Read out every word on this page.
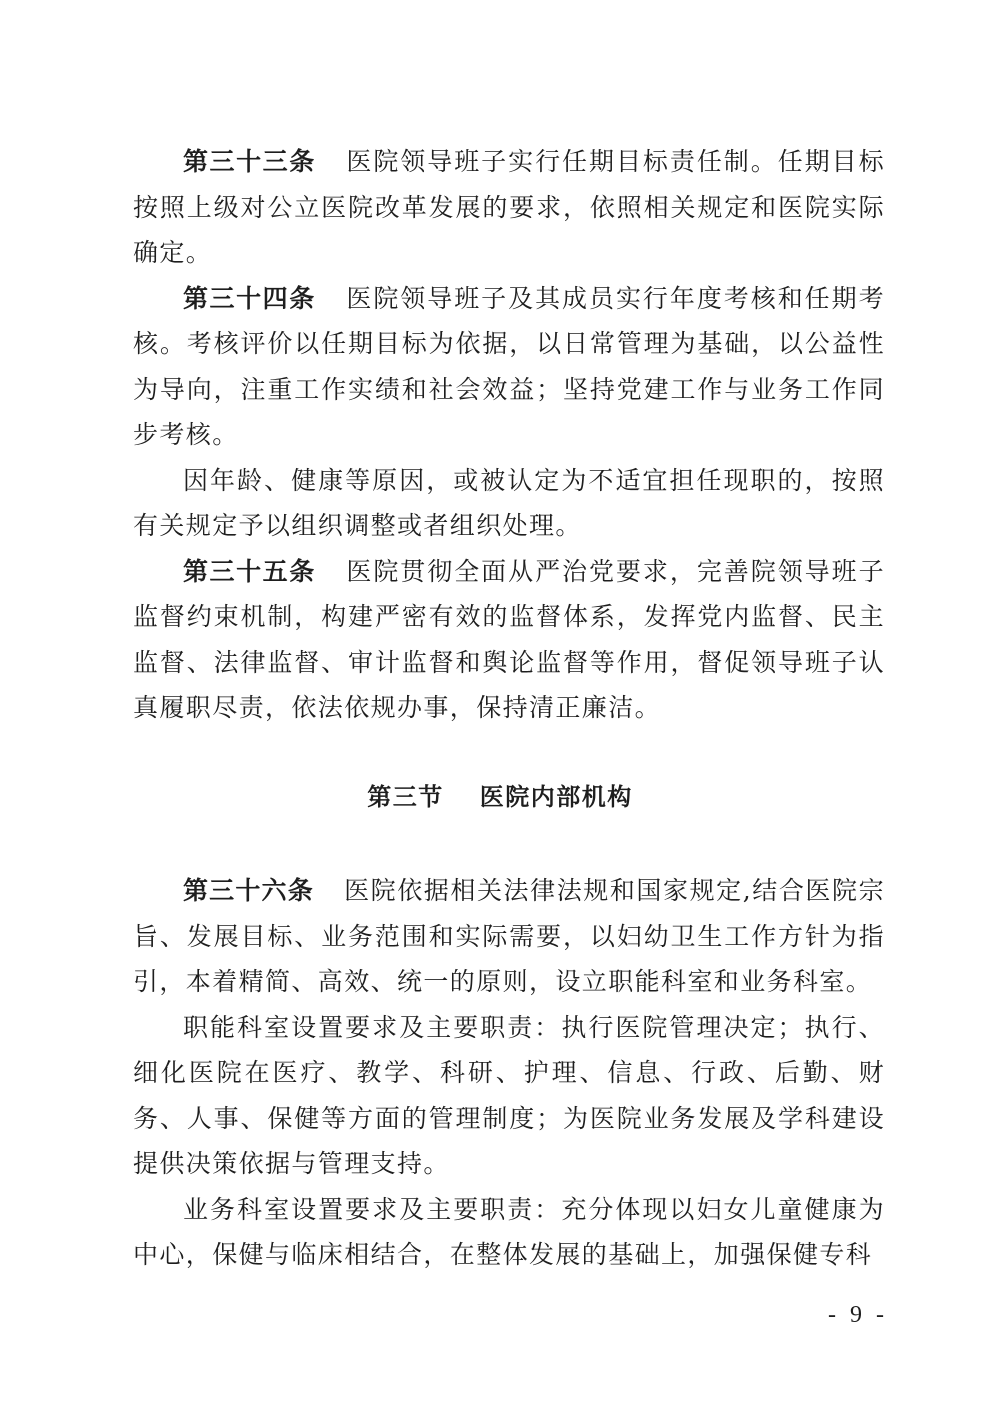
第三十三条 医院领导班子实行任期目标责任制。任期目标按照上级对公立医院改革发展的要求，依照相关规定和医院实际确定。

第三十四条 医院领导班子及其成员实行年度考核和任期考核。考核评价以任期目标为依据，以日常管理为基础，以公益性为导向，注重工作实绩和社会效益；坚持党建工作与业务工作同步考核。

因年龄、健康等原因，或被认定为不适宜担任现职的，按照有关规定予以组织调整或者组织处理。

第三十五条 医院贯彻全面从严治党要求，完善院领导班子监督约束机制，构建严密有效的监督体系，发挥党内监督、民主监督、法律监督、审计监督和舆论监督等作用，督促领导班子认真履职尽责，依法依规办事，保持清正廉洁。

第三节 医院内部机构

第三十六条 医院依据相关法律法规和国家规定,结合医院宗旨、发展目标、业务范围和实际需要，以妇幼卫生工作方针为指引，本着精简、高效、统一的原则，设立职能科室和业务科室。

职能科室设置要求及主要职责：执行医院管理决定；执行、细化医院在医疗、教学、科研、护理、信息、行政、后勤、财务、人事、保健等方面的管理制度；为医院业务发展及学科建设提供决策依据与管理支持。

业务科室设置要求及主要职责：充分体现以妇女儿童健康为中心，保健与临床相结合，在整体发展的基础上，加强保健专科

- 9 -
